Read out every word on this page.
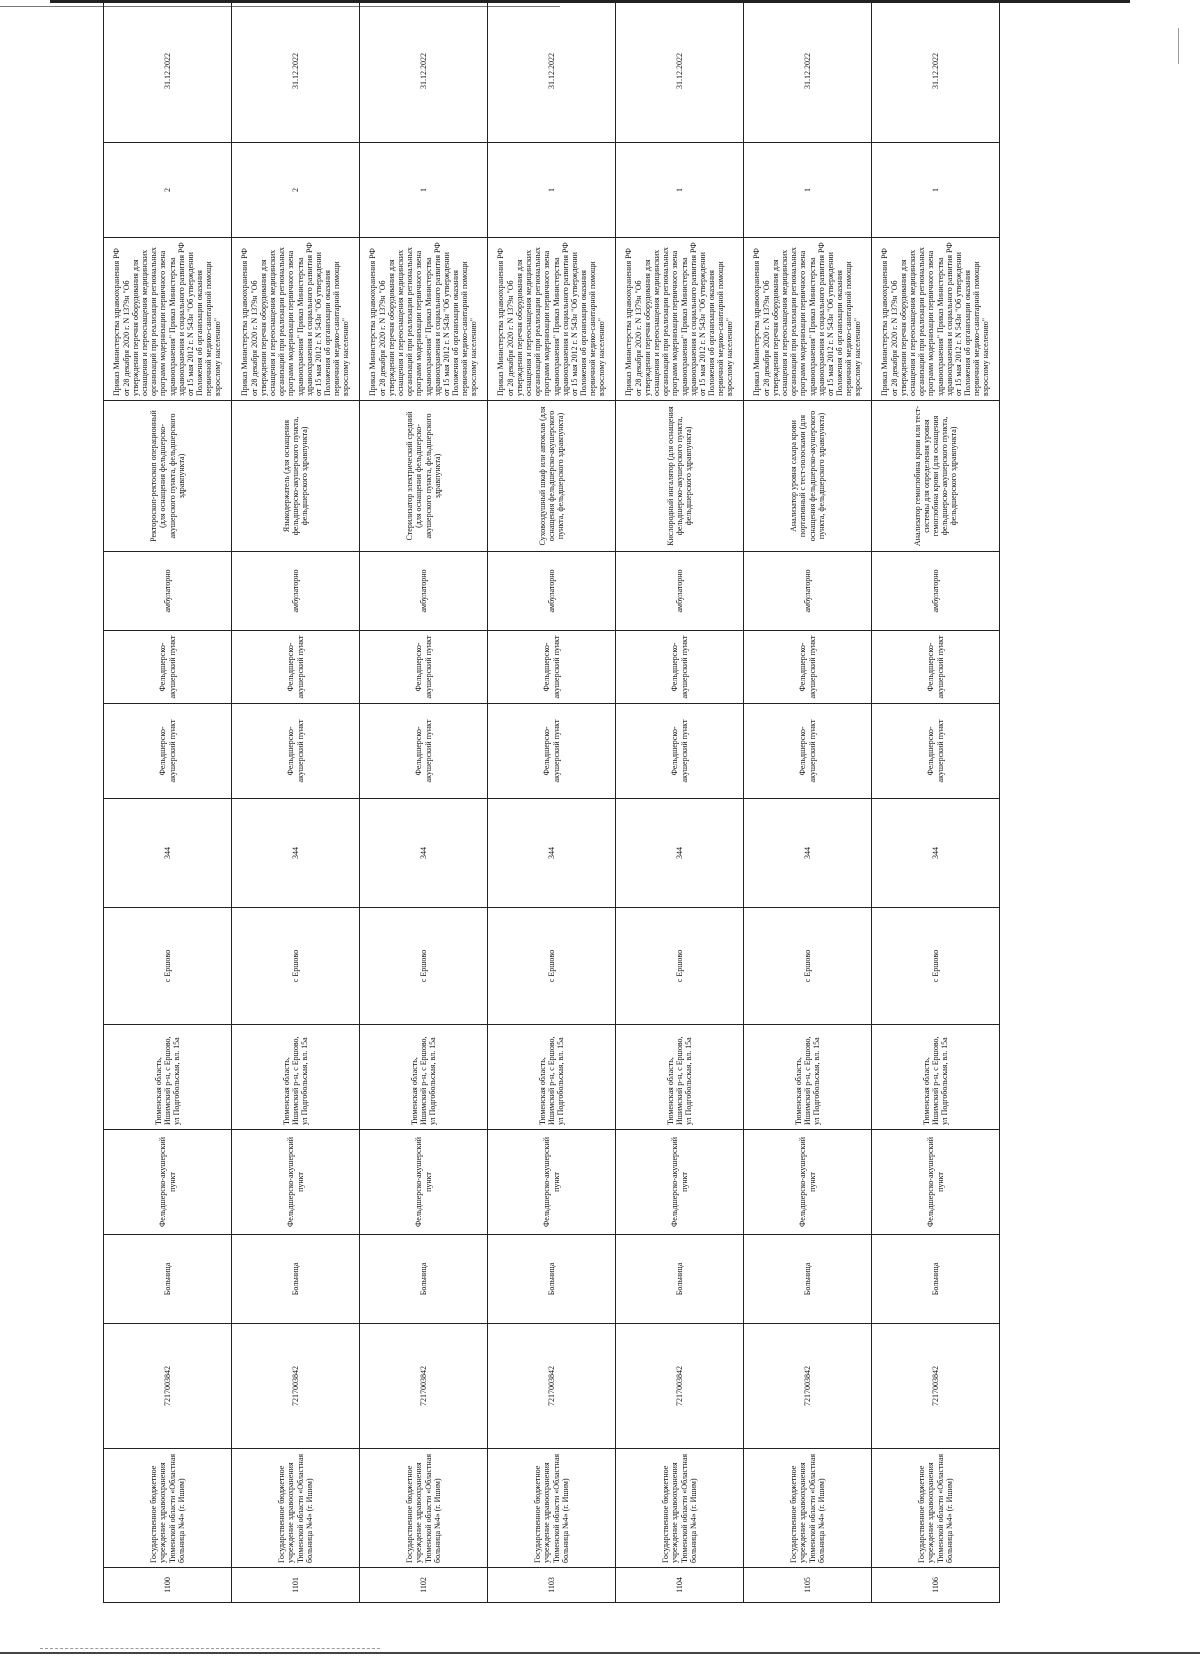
1100	Государственное бюджетное учреждение здравоохранения Тюменской области «Областная больница №4» (г. Ишим)	7217003842	Больница	Фельдшерско-акушерский пункт	Тюменская область, Ишимский р-н, с Ершово, ул Подгобольская, вл. 15а	с Ершово	344	Фельдшерско-акушерский пункт	Фельдшерско-акушерский пункт	амбулаторно	Ректороскоп-ректоскоп операционный (для оснащения фельдшерско-акушерского пункта, фельдшерского здравпункта)	Приказ Министерства здравоохранения РФ от 28 декабря 2020 г. N 1379н "Об утверждении перечня оборудования для оснащения и переоснащения медицинских организаций при реализации региональных программ модернизации первичного звена здравоохранения" Приказ Министерства здравоохранения и социального развития РФ от 15 мая 2012 г. N 543н "Об утверждении Положения об организации оказания первичной медико-санитарной помощи взрослому населению"	2	31.12.2022
1101	Государственное бюджетное учреждение здравоохранения Тюменской области «Областная больница №4» (г. Ишим)	7217003842	Больница	Фельдшерско-акушерский пункт	Тюменская область, Ишимский р-н, с Ершово, ул Подгобольская, вл. 15а	с Ершово	344	Фельдшерско-акушерский пункт	Фельдшерско-акушерский пункт	амбулаторно	Языкодержатель (для оснащения фельдшерско-акушерского пункта, фельдшерского здравпункта)	Приказ Министерства здравоохранения РФ от 28 декабря 2020 г. N 1379н "Об утверждении перечня оборудования для оснащения и переоснащения медицинских организаций при реализации региональных программ модернизации первичного звена здравоохранения" Приказ Министерства здравоохранения и социального развития РФ от 15 мая 2012 г. N 543н "Об утверждении Положения об организации оказания первичной медико-санитарной помощи взрослому населению"	2	31.12.2022
1102	Государственное бюджетное учреждение здравоохранения Тюменской области «Областная больница №4» (г. Ишим)	7217003842	Больница	Фельдшерско-акушерский пункт	Тюменская область, Ишимский р-н, с Ершово, ул Подгобольская, вл. 15а	с Ершово	344	Фельдшерско-акушерский пункт	Фельдшерско-акушерский пункт	амбулаторно	Стерилизатор электрический средний (для оснащения фельдшерско-акушерского пункта, фельдшерского здравпункта)	Приказ Министерства здравоохранения РФ от 28 декабря 2020 г. N 1379н "Об утверждении перечня оборудования для оснащения и переоснащения медицинских организаций при реализации региональных программ модернизации первичного звена здравоохранения" Приказ Министерства здравоохранения и социального развития РФ от 15 мая 2012 г. N 543н "Об утверждении Положения об организации оказания первичной медико-санитарной помощи взрослому населению"	1	31.12.2022
1103	Государственное бюджетное учреждение здравоохранения Тюменской области «Областная больница №4» (г. Ишим)	7217003842	Больница	Фельдшерско-акушерский пункт	Тюменская область, Ишимский р-н, с Ершово, ул Подгобольская, вл. 15а	с Ершово	344	Фельдшерско-акушерский пункт	Фельдшерско-акушерский пункт	амбулаторно	Суховоздушный шкаф или автоклав (для оснащения фельдшерско-акушерского пункта, фельдшерского здравпункта)	Приказ Министерства здравоохранения РФ от 28 декабря 2020 г. N 1379н "Об утверждении перечня оборудования для оснащения и переоснащения медицинских организаций при реализации региональных программ модернизации первичного звена здравоохранения" Приказ Министерства здравоохранения и социального развития РФ от 15 мая 2012 г. N 543н "Об утверждении Положения об организации оказания первичной медико-санитарной помощи взрослому населению"	1	31.12.2022
1104	Государственное бюджетное учреждение здравоохранения Тюменской области «Областная больница №4» (г. Ишим)	7217003842	Больница	Фельдшерско-акушерский пункт	Тюменская область, Ишимский р-н, с Ершово, ул Подгобольская, вл. 15а	с Ершово	344	Фельдшерско-акушерский пункт	Фельдшерско-акушерский пункт	амбулаторно	Кислородный ингалятор (для оснащения фельдшерско-акушерского пункта, фельдшерского здравпункта)	Приказ Министерства здравоохранения РФ от 28 декабря 2020 г. N 1379н "Об утверждении перечня оборудования для оснащения и переоснащения медицинских организаций при реализации региональных программ модернизации первичного звена здравоохранения" Приказ Министерства здравоохранения и социального развития РФ от 15 мая 2012 г. N 543н "Об утверждении Положения об организации оказания первичной медико-санитарной помощи взрослому населению"	1	31.12.2022
1105	Государственное бюджетное учреждение здравоохранения Тюменской области «Областная больница №4» (г. Ишим)	7217003842	Больница	Фельдшерско-акушерский пункт	Тюменская область, Ишимский р-н, с Ершово, ул Подгобольская, вл. 15а	с Ершово	344	Фельдшерско-акушерский пункт	Фельдшерско-акушерский пункт	амбулаторно	Анализатор уровня сахара крови портативный с тест-полосками (для оснащения фельдшерско-акушерского пункта, фельдшерского здравпункта)	Приказ Министерства здравоохранения РФ от 28 декабря 2020 г. N 1379н "Об утверждении перечня оборудования для оснащения и переоснащения медицинских организаций при реализации региональных программ модернизации первичного звена здравоохранения" Приказ Министерства здравоохранения и социального развития РФ от 15 мая 2012 г. N 543н "Об утверждении Положения об организации оказания первичной медико-санитарной помощи взрослому населению"	1	31.12.2022
1106	Государственное бюджетное учреждение здравоохранения Тюменской области «Областная больница №4» (г. Ишим)	7217003842	Больница	Фельдшерско-акушерский пункт	Тюменская область, Ишимский р-н, с Ершово, ул Подгобольская, вл. 15а	с Ершово	344	Фельдшерско-акушерский пункт	Фельдшерско-акушерский пункт	амбулаторно	Анализатор гемоглобина крови или тест-системы для определения уровня гемоглобина крови (для оснащения фельдшерско-акушерского пункта, фельдшерского здравпункта)	Приказ Министерства здравоохранения РФ от 28 декабря 2020 г. N 1379н "Об утверждении перечня оборудования для оснащения и переоснащения медицинских организаций при реализации региональных программ модернизации первичного звена здравоохранения" Приказ Министерства здравоохранения и социального развития РФ от 15 мая 2012 г. N 543н "Об утверждении Положения об организации оказания первичной медико-санитарной помощи взрослому населению"	1	31.12.2022
